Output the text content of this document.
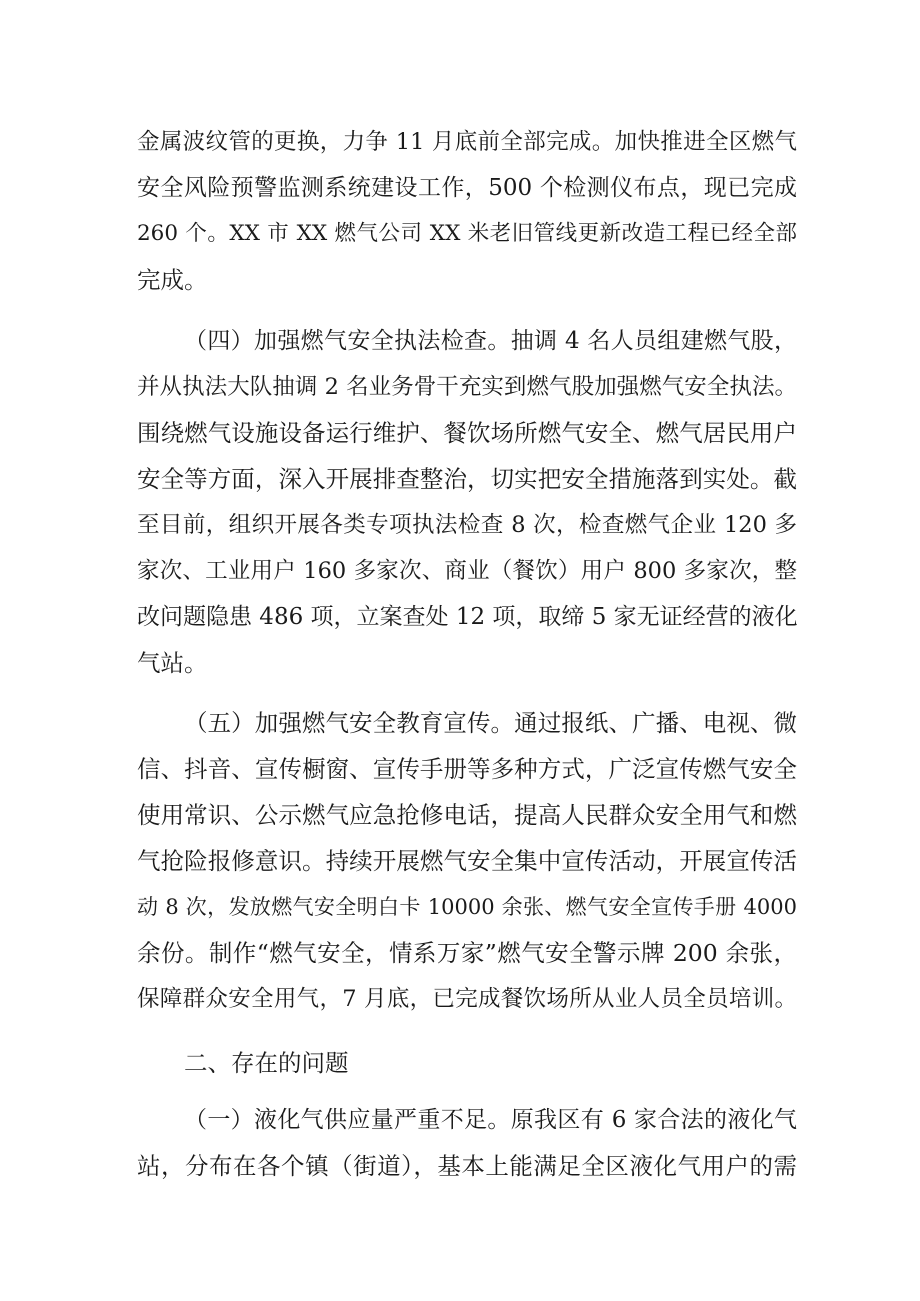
金属波纹管的更换，力争 11 月底前全部完成。加快推进全区燃气
安全风险预警监测系统建设工作，500 个检测仪布点，现已完成
260 个。XX 市 XX 燃气公司 XX 米老旧管线更新改造工程已经全部
完成。
（四）加强燃气安全执法检查。抽调 4 名人员组建燃气股，
并从执法大队抽调 2 名业务骨干充实到燃气股加强燃气安全执法。
围绕燃气设施设备运行维护、餐饮场所燃气安全、燃气居民用户
安全等方面，深入开展排查整治，切实把安全措施落到实处。截
至目前，组织开展各类专项执法检查 8 次，检查燃气企业 120 多
家次、工业用户 160 多家次、商业（餐饮）用户 800 多家次，整
改问题隐患 486 项，立案查处 12 项，取缔 5 家无证经营的液化
气站。
（五）加强燃气安全教育宣传。通过报纸、广播、电视、微
信、抖音、宣传橱窗、宣传手册等多种方式，广泛宣传燃气安全
使用常识、公示燃气应急抢修电话，提高人民群众安全用气和燃
气抢险报修意识。持续开展燃气安全集中宣传活动，开展宣传活
动 8 次，发放燃气安全明白卡 10000 余张、燃气安全宣传手册 4000
余份。制作“燃气安全，情系万家”燃气安全警示牌 200 余张，
保障群众安全用气，7 月底，已完成餐饮场所从业人员全员培训。
二、存在的问题
（一）液化气供应量严重不足。原我区有 6 家合法的液化气
站，分布在各个镇（街道），基本上能满足全区液化气用户的需
